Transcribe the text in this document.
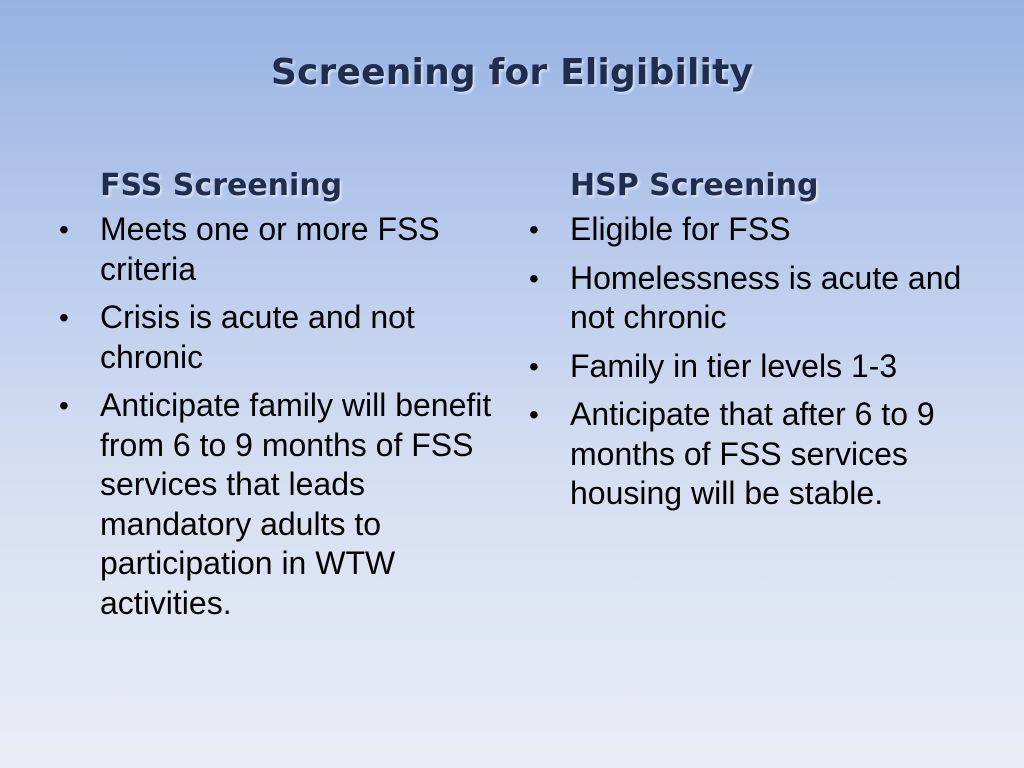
Screening for Eligibility
FSS Screening
• Meets one or more FSS criteria
• Crisis is acute and not chronic
• Anticipate family will benefit from 6 to 9 months of FSS services that leads mandatory adults to participation in WTW activities.
HSP Screening
• Eligible for FSS
• Homelessness is acute and not chronic
• Family in tier levels 1-3
• Anticipate that after 6 to 9 months of FSS services housing will be stable.
